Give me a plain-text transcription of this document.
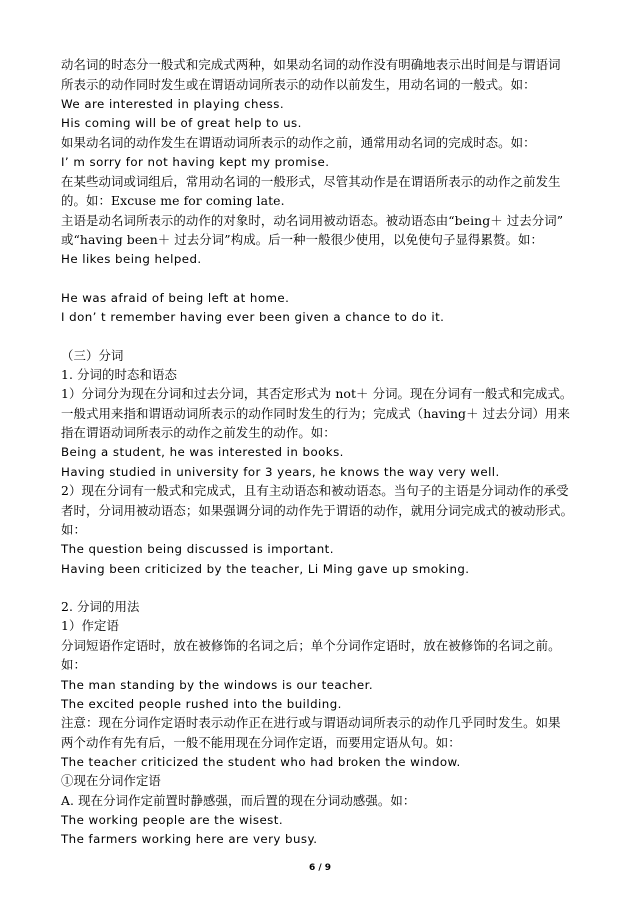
动名词的时态分一般式和完成式两种，如果动名词的动作没有明确地表示出时间是与谓语词
所表示的动作同时发生或在谓语动词所表示的动作以前发生，用动名词的一般式。如：
We are interested in playing chess.
His coming will be of great help to us.
如果动名词的动作发生在谓语动词所表示的动作之前，通常用动名词的完成时态。如：
I’ m sorry for not having kept my promise.
在某些动词或词组后，常用动名词的一般形式，尽管其动作是在谓语所表示的动作之前发生
的。如：Excuse me for coming late.
主语是动名词所表示的动作的对象时，动名词用被动语态。被动语态由“being＋ 过去分词”
或“having been＋ 过去分词”构成。后一种一般很少使用，以免使句子显得累赘。如：
He likes being helped.
He was afraid of being left at home.
I don’ t remember having ever been given a chance to do it.
（三）分词
1. 分词的时态和语态
1）分词分为现在分词和过去分词，其否定形式为 not＋ 分词。现在分词有一般式和完成式。
一般式用来指和谓语动词所表示的动作同时发生的行为；完成式（having＋ 过去分词）用来
指在谓语动词所表示的动作之前发生的动作。如：
Being a student, he was interested in books.
Having studied in university for 3 years, he knows the way very well.
2）现在分词有一般式和完成式，且有主动语态和被动语态。当句子的主语是分词动作的承受
者时，分词用被动语态；如果强调分词的动作先于谓语的动作，就用分词完成式的被动形式。
如：
The question being discussed is important.
Having been criticized by the teacher, Li Ming gave up smoking.
2. 分词的用法
1）作定语
分词短语作定语时，放在被修饰的名词之后；单个分词作定语时，放在被修饰的名词之前。
如：
The man standing by the windows is our teacher.
The excited people rushed into the building.
注意：现在分词作定语时表示动作正在进行或与谓语动词所表示的动作几乎同时发生。如果
两个动作有先有后，一般不能用现在分词作定语，而要用定语从句。如：
The teacher criticized the student who had broken the window.
①现在分词作定语
A. 现在分词作定前置时静感强，而后置的现在分词动感强。如：
The working people are the wisest.
The farmers working here are very busy.
6 / 9
